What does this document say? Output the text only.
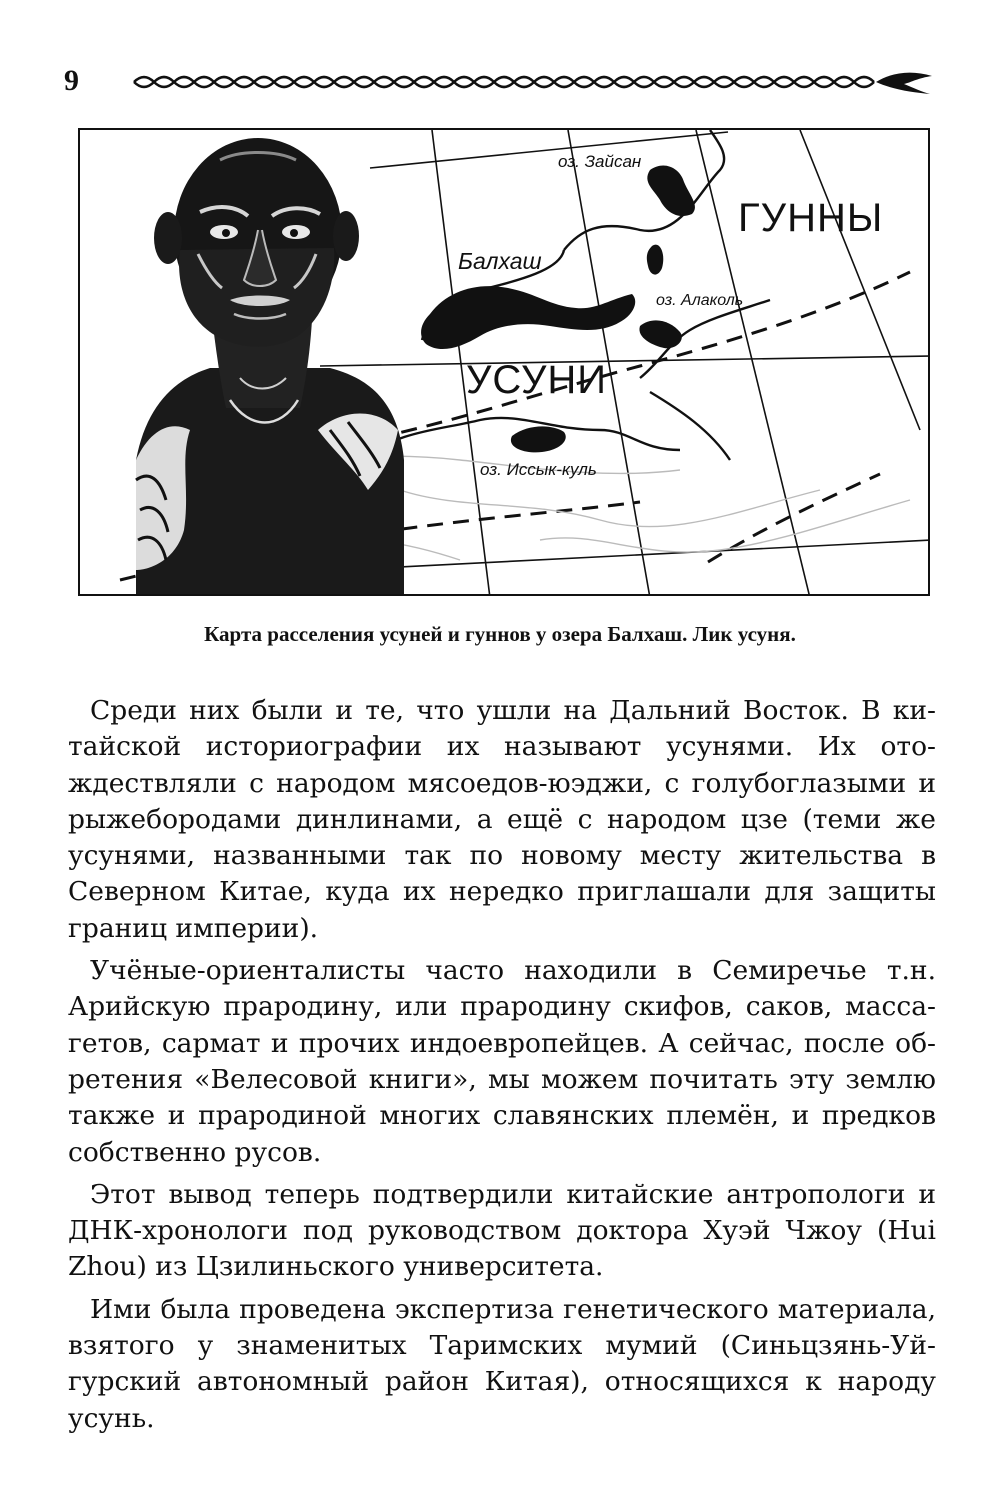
9
оз. Зайсан
Балхаш
оз. Алаколь
оз. Иссык-куль
ГУННЫ
УСУНИ
Карта расселения усуней и гуннов у озера Балхаш. Лик усуня.

Среди них были и те, что ушли на Дальний Восток. В китайской историографии их называют усунями. Их отождествляли с народом мясоедов-юэджи, с голубоглазыми и рыжебородами динлинами, а ещё с народом цзе (теми же усунями, названными так по новому месту жительства в Северном Китае, куда их нередко приглашали для защиты границ империи).

Учёные-ориенталисты часто находили в Семиречье т.н. Арийскую прародину, или прародину скифов, саков, массагетов, сармат и прочих индоевропейцев. А сейчас, после обретения «Велесовой книги», мы можем почитать эту землю также и прародиной многих славянских племён, и предков собственно русов.

Этот вывод теперь подтвердили китайские антропологи и ДНК-хронологи под руководством доктора Хуэй Чжоу (Hui Zhou) из Цзилиньского университета.

Ими была проведена экспертиза генетического материала, взятого у знаменитых Таримских мумий (Синьцзянь-Уйгурский автономный район Китая), относящихся к народу усунь.
